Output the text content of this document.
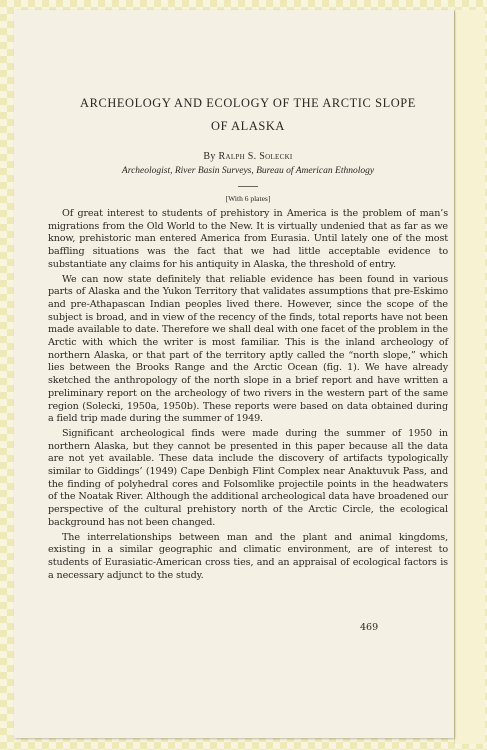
ARCHEOLOGY AND ECOLOGY OF THE ARCTIC SLOPE
OF ALASKA
By Ralph S. Solecki
Archeologist, River Basin Surveys, Bureau of American Ethnology
[With 6 plates]

Of great interest to students of prehistory in America is the problem of man’s migrations from the Old World to the New. It is virtually undenied that as far as we know, prehistoric man entered America from Eurasia. Until lately one of the most baffling situations was the fact that we had little acceptable evidence to substantiate any claims for his antiquity in Alaska, the threshold of entry.

We can now state definitely that reliable evidence has been found in various parts of Alaska and the Yukon Territory that validates assumptions that pre-Eskimo and pre-Athapascan Indian peoples lived there. However, since the scope of the subject is broad, and in view of the recency of the finds, total reports have not been made available to date. Therefore we shall deal with one facet of the problem in the Arctic with which the writer is most familiar. This is the inland archeology of northern Alaska, or that part of the territory aptly called the “north slope,” which lies between the Brooks Range and the Arctic Ocean (fig. 1). We have already sketched the anthropology of the north slope in a brief report and have written a preliminary report on the archeology of two rivers in the western part of the same region (Solecki, 1950a, 1950b). These reports were based on data obtained during a field trip made during the summer of 1949.

Significant archeological finds were made during the summer of 1950 in northern Alaska, but they cannot be presented in this paper because all the data are not yet available. These data include the discovery of artifacts typologically similar to Giddings’ (1949) Cape Denbigh Flint Complex near Anaktuvuk Pass, and the finding of polyhedral cores and Folsomlike projectile points in the headwaters of the Noatak River. Although the additional archeological data have broadened our perspective of the cultural prehistory north of the Arctic Circle, the ecological background has not been changed.

The interrelationships between man and the plant and animal kingdoms, existing in a similar geographic and climatic environment, are of interest to students of Eurasiatic-American cross ties, and an appraisal of ecological factors is a necessary adjunct to the study.

469
